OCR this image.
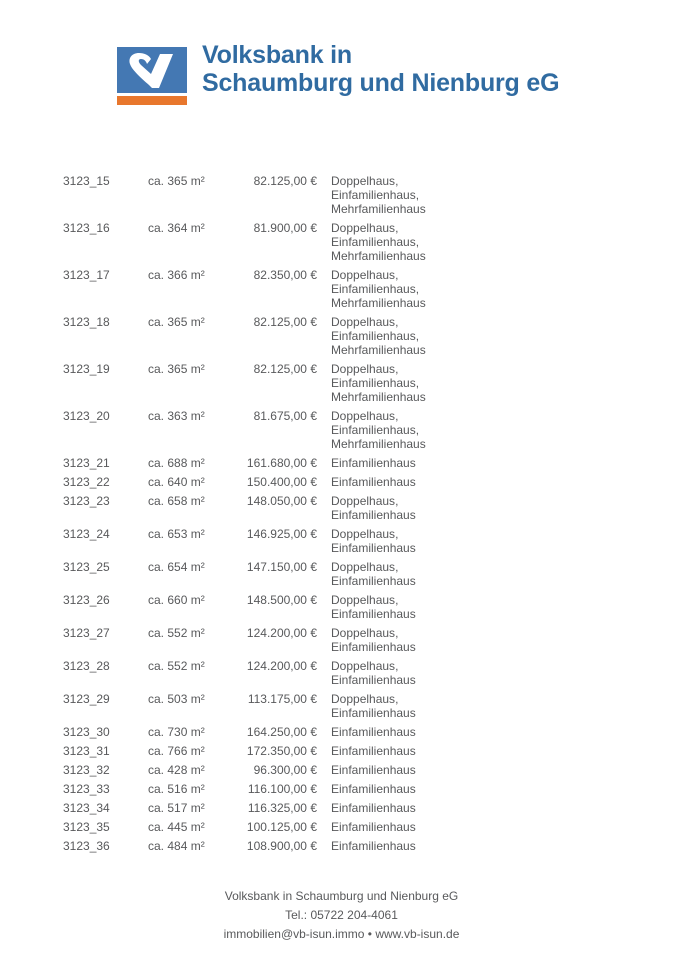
Volksbank in
Schaumburg und Nienburg eG
3123_15	ca. 365 m²	82.125,00 € Doppelhaus ,
Einfamilienhaus ,
Mehrfamilienhaus
3123_16	ca. 364 m²	81.900,00 € Doppelhaus ,
Einfamilienhaus ,
Mehrfamilienhaus
3123_17	ca. 366 m²	82.350,00 € Doppelhaus ,
Einfamilienhaus ,
Mehrfamilienhaus
3123_18	ca. 365 m²	82.125,00 € Doppelhaus ,
Einfamilienhaus ,
Mehrfamilienhaus
3123_19	ca. 365 m²	82.125,00 € Doppelhaus ,
Einfamilienhaus ,
Mehrfamilienhaus
3123_20	ca. 363 m²	81.675,00 € Doppelhaus ,
Einfamilienhaus ,
Mehrfamilienhaus
3123_21	ca. 688 m²	161.680,00 € Einfamilienhaus
3123_22	ca. 640 m²	150.400,00 € Einfamilienhaus
3123_23	ca. 658 m²	148.050,00 € Doppelhaus ,
Einfamilienhaus
3123_24	ca. 653 m²	146.925,00 € Doppelhaus ,
Einfamilienhaus
3123_25	ca. 654 m²	147.150,00 € Doppelhaus ,
Einfamilienhaus
3123_26	ca. 660 m²	148.500,00 € Doppelhaus ,
Einfamilienhaus
3123_27	ca. 552 m²	124.200,00 € Doppelhaus ,
Einfamilienhaus
3123_28	ca. 552 m²	124.200,00 € Doppelhaus ,
Einfamilienhaus
3123_29	ca. 503 m²	113.175,00 € Doppelhaus ,
Einfamilienhaus
3123_30	ca. 730 m²	164.250,00 € Einfamilienhaus
3123_31	ca. 766 m²	172.350,00 € Einfamilienhaus
3123_32	ca. 428 m²	96.300,00 € Einfamilienhaus
3123_33	ca. 516 m²	116.100,00 € Einfamilienhaus
3123_34	ca. 517 m²	116.325,00 € Einfamilienhaus
3123_35	ca. 445 m²	100.125,00 € Einfamilienhaus
3123_36	ca. 484 m²	108.900,00 € Einfamilienhaus
Volksbank in Schaumburg und Nienburg eG
Tel.: 05722 204-4061
immobilien@vb-isun.immo • www.vb-isun.de
